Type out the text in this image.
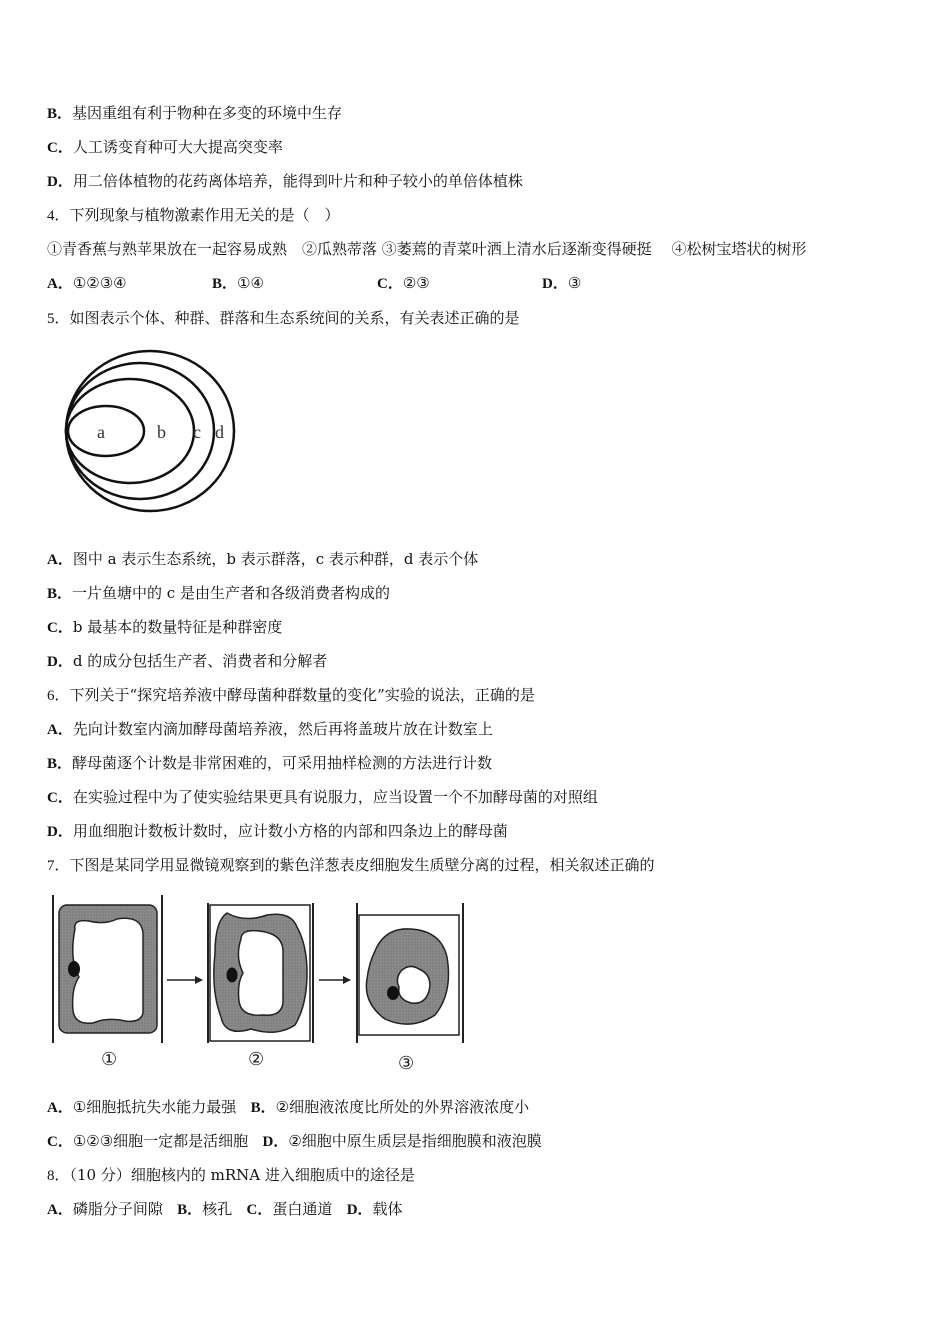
B．基因重组有利于物种在多变的环境中生存
C．人工诱变育种可大大提高突变率
D．用二倍体植物的花药离体培养，能得到叶片和种子较小的单倍体植株
4．下列现象与植物激素作用无关的是（　）
①青香蕉与熟苹果放在一起容易成熟　②瓜熟蒂落 ③萎蔫的青菜叶洒上清水后逐渐变得硬挺　 ④松树宝塔状的树形
A．①②③④	B．①④	C．②③	D．③
5．如图表示个体、种群、群落和生态系统间的关系，有关表述正确的是
a	b c d
A．图中 a 表示生态系统，b 表示群落，c 表示种群，d 表示个体
B．一片鱼塘中的 c 是由生产者和各级消费者构成的
C．b 最基本的数量特征是种群密度
D．d 的成分包括生产者、消费者和分解者
6．下列关于“探究培养液中酵母菌种群数量的变化”实验的说法，正确的是
A．先向计数室内滴加酵母菌培养液，然后再将盖玻片放在计数室上
B．酵母菌逐个计数是非常困难的，可采用抽样检测的方法进行计数
C．在实验过程中为了使实验结果更具有说服力，应当设置一个不加酵母菌的对照组
D．用血细胞计数板计数时，应计数小方格的内部和四条边上的酵母菌
7．下图是某同学用显微镜观察到的紫色洋葱表皮细胞发生质壁分离的过程，相关叙述正确的
①	②	③
A．①细胞抵抗失水能力最强 B．②细胞液浓度比所处的外界溶液浓度小
C．①②③细胞一定都是活细胞 D．②细胞中原生质层是指细胞膜和液泡膜
8．（10 分）细胞核内的 mRNA 进入细胞质中的途径是
A．磷脂分子间隙 B．核孔 C．蛋白通道 D．载体
